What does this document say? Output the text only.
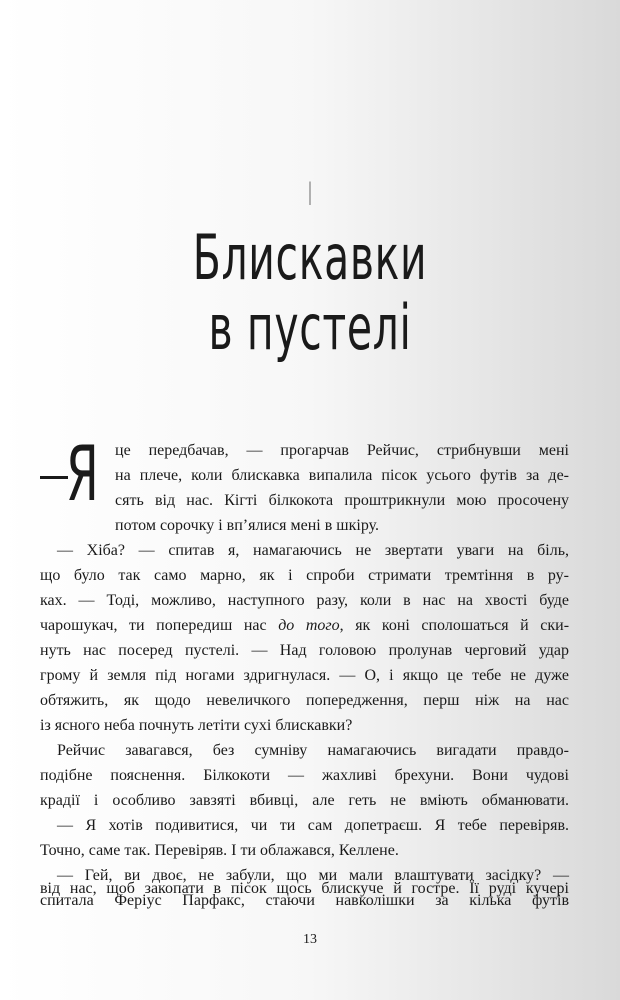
I
Блискавки
в пустелі
Я це передбачав, — прогарчав Рейчис, стрибнувши мені
на плече, коли блискавка випалила пісок усього футів за де-
сять від нас. Кігті білкокота проштрикнули мою просочену
потом сорочку і вп’ялися мені в шкіру.
— Хіба? — спитав я, намагаючись не звертати уваги на біль,
що було так само марно, як і спроби стримати тремтіння в ру-
ках. — Тоді, можливо, наступного разу, коли в нас на хвості буде
чарошукач, ти попередиш нас до того, як коні сполошаться й ски-
нуть нас посеред пустелі. — Над головою пролунав черговий удар
грому й земля під ногами здригнулася. — О, і якщо це тебе не дуже
обтяжить, як щодо невеличкого попередження, перш ніж на нас
із ясного неба почнуть летіти сухі блискавки?
Рейчис завагався, без сумніву намагаючись вигадати правдо-
подібне пояснення. Білкокоти — жахливі брехуни. Вони чудові
крадії і особливо завзяті вбивці, але геть не вміють обманювати.
— Я хотів подивитися, чи ти сам допетраєш. Я тебе перевіряв.
Точно, саме так. Перевіряв. І ти облажався, Келлене.
— Гей, ви двоє, не забули, що ми мали влаштувати засідку? —
спитала Феріус Парфакс, стаючи навколішки за кілька футів
від нас, щоб закопати в пісок щось блискуче й гостре. Її руді кучері
13
